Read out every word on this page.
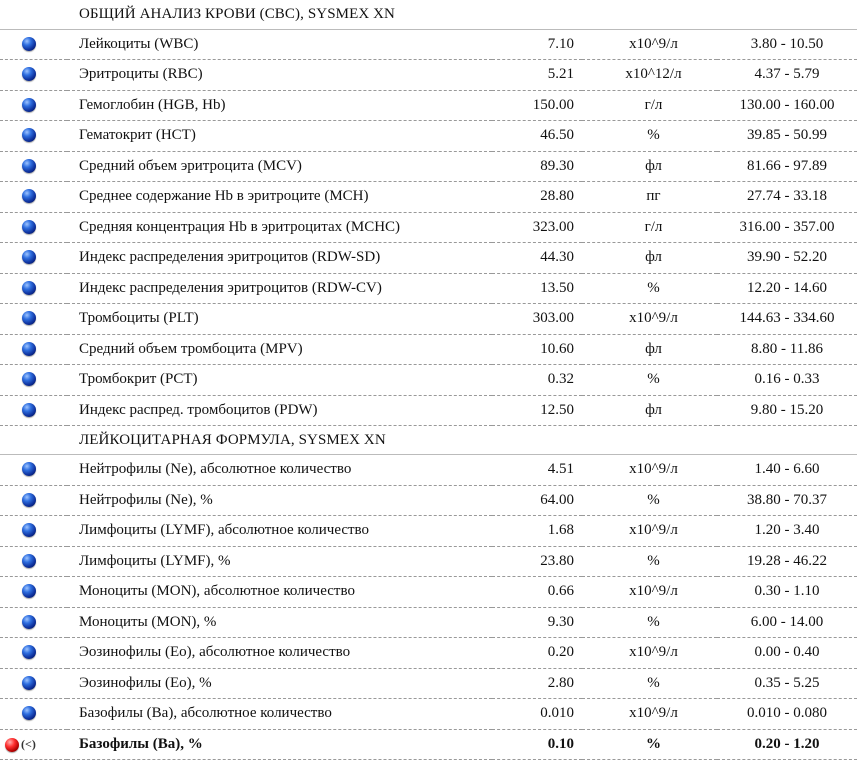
	ОБЩИЙ АНАЛИЗ КРОВИ (CBC), SYSMEX XN			

	Лейкоциты (WBC)	7.10	x10^9/л	3.80 - 10.50

	Эритроциты (RBC)	5.21	x10^12/л	4.37 - 5.79

	Гемоглобин (HGB, Hb)	150.00	г/л	130.00 - 160.00

	Гематокрит (HCT)	46.50	%	39.85 - 50.99

	Средний объем эритроцита (MCV)	89.30	фл	81.66 - 97.89

	Среднее содержание Hb в эритроците (MCH)	28.80	пг	27.74 - 33.18

	Средняя концентрация Hb в эритроцитах (MCHC)	323.00	г/л	316.00 - 357.00

	Индекс распределения эритроцитов (RDW-SD)	44.30	фл	39.90 - 52.20

	Индекс распределения эритроцитов (RDW-CV)	13.50	%	12.20 - 14.60

	Тромбоциты (PLT)	303.00	x10^9/л	144.63 - 334.60

	Средний объем тромбоцита (MPV)	10.60	фл	8.80 - 11.86

	Тромбокрит (PCT)	0.32	%	0.16 - 0.33

	Индекс распред. тромбоцитов (PDW)	12.50	фл	9.80 - 15.20
	ЛЕЙКОЦИТАРНАЯ ФОРМУЛА, SYSMEX XN			

	Нейтрофилы (Ne), абсолютное количество	4.51	x10^9/л	1.40 - 6.60

	Нейтрофилы (Ne), %	64.00	%	38.80 - 70.37

	Лимфоциты (LYMF), абсолютное количество	1.68	x10^9/л	1.20 - 3.40

	Лимфоциты (LYMF), %	23.80	%	19.28 - 46.22

	Моноциты (MON), абсолютное количество	0.66	x10^9/л	0.30 - 1.10

	Моноциты (MON), %	9.30	%	6.00 - 14.00

	Эозинофилы (Eo), абсолютное количество	0.20	x10^9/л	0.00 - 0.40

	Эозинофилы (Eo), %	2.80	%	0.35 - 5.25

	Базофилы (Ba), абсолютное количество	0.010	x10^9/л	0.010 - 0.080

(<)	Базофилы (Ba), %	0.10	%	0.20 - 1.20
